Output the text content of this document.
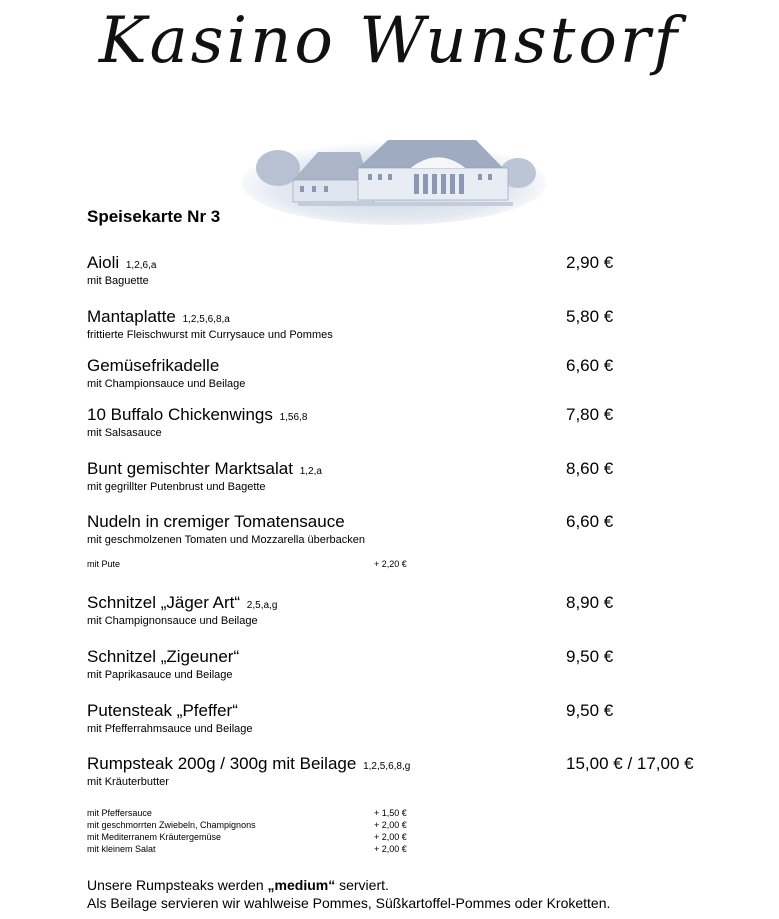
Kasino Wunstorf
Speisekarte Nr 3
Aioli 1,2,6,a
mit Baguette
2,90 €
Mantaplatte 1,2,5,6,8,a
frittierte Fleischwurst mit Currysauce und Pommes
5,80 €
Gemüsefrikadelle
mit Championsauce und Beilage
6,60 €
10 Buffalo Chickenwings 1,56,8
mit Salsasauce
7,80 €
Bunt gemischter Marktsalat 1,2,a
mit gegrillter Putenbrust und Bagette
8,60 €
Nudeln in cremiger Tomatensauce
mit geschmolzenen Tomaten und Mozzarella überbacken
6,60 €
mit Pute	+ 2,20 €
Schnitzel „Jäger Art“ 2,5,a,g
mit Champignonsauce und Beilage
8,90 €
Schnitzel „Zigeuner“
mit Paprikasauce und Beilage
9,50 €
Putensteak „Pfeffer“
mit Pfefferrahmsauce und Beilage
9,50 €
Rumpsteak 200g / 300g mit Beilage 1,2,5,6,8,g
mit Kräuterbutter
15,00 € / 17,00 €
mit Pfeffersauce	+ 1,50 €
mit geschmorrten Zwiebeln, Champignons	+ 2,00 €
mit Mediterranem Kräutergemüse	+ 2,00 €
mit kleinem Salat	+ 2,00 €
Unsere Rumpsteaks werden „medium“ serviert.
Als Beilage servieren wir wahlweise Pommes, Süßkartoffel-Pommes oder Kroketten.
